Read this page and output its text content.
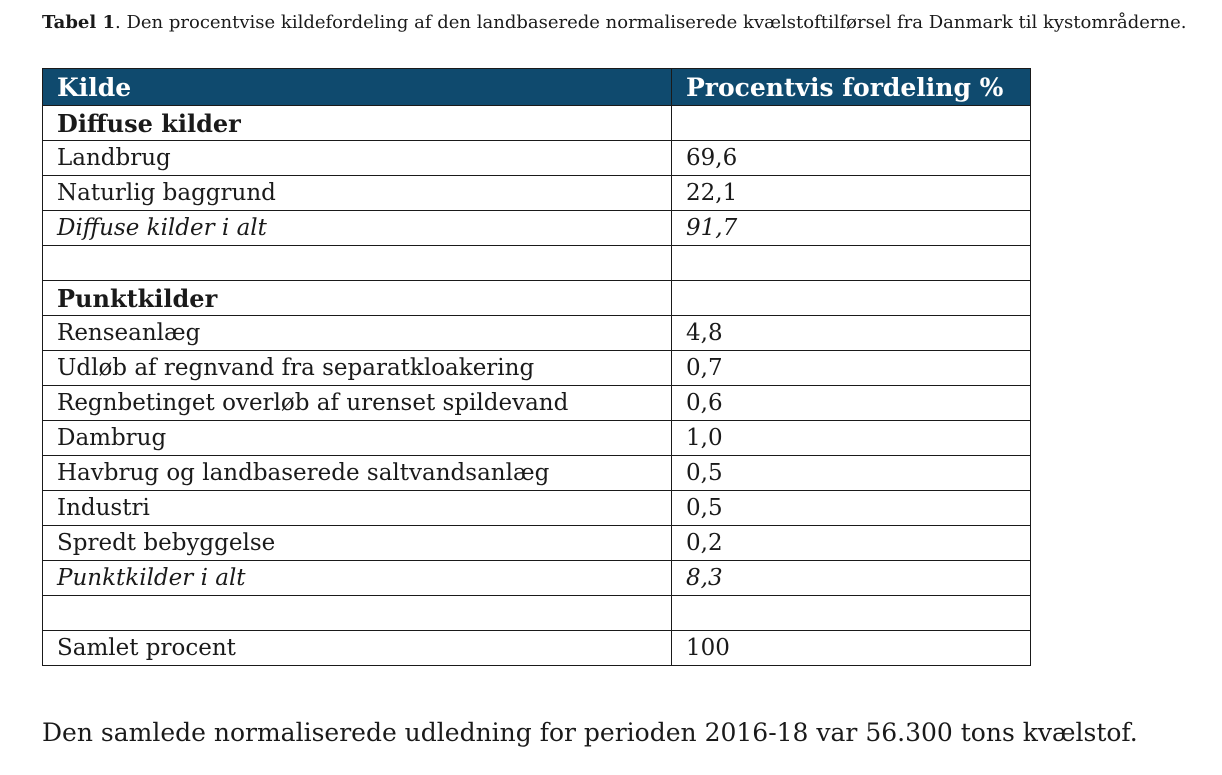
Tabel 1. Den procentvise kildefordeling af den landbaserede normaliserede kvælstoftilførsel fra Danmark til kystområderne.
Kilde	Procentvis fordeling %
Diffuse kilder	
Landbrug	69,6
Naturlig baggrund	22,1
Diffuse kilder i alt	91,7

Punktkilder	
Renseanlæg	4,8
Udløb af regnvand fra separatkloakering	0,7
Regnbetinget overløb af urenset spildevand	0,6
Dambrug	1,0
Havbrug og landbaserede saltvandsanlæg	0,5
Industri	0,5
Spredt bebyggelse	0,2
Punktkilder i alt	8,3

Samlet procent	100
Den samlede normaliserede udledning for perioden 2016-18 var 56.300 tons kvælstof.
